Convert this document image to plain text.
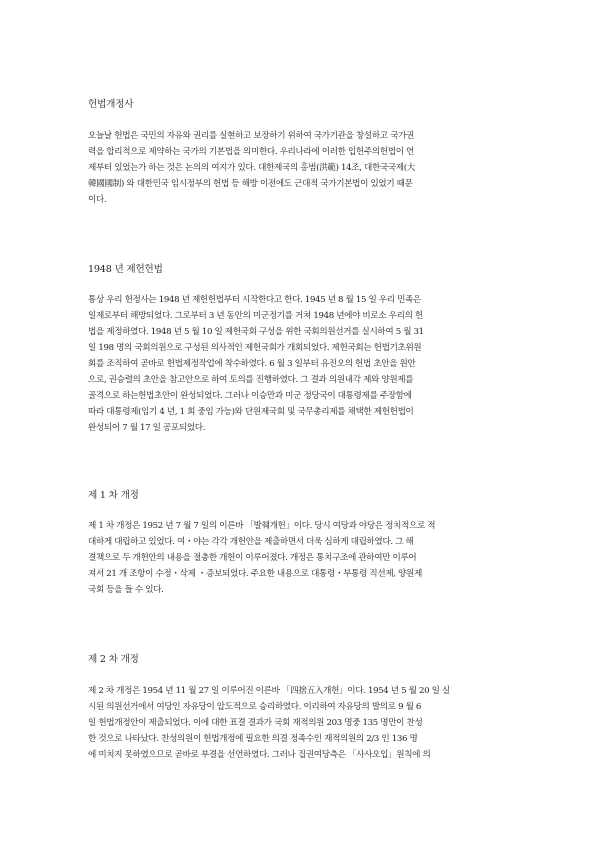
헌법개정사
오늘날 헌법은 국민의 자유와 권리를 실현하고 보장하기 위하여 국가기관을 창설하고 국가권
력을 합리적으로 제약하는 국가의 기본법을 의미한다. 우리나라에 이러한 입헌주의헌법이 언
제부터 있었는가 하는 것은 논의의 여지가 있다. 대한제국의 홍범(洪範) 14조, 대한국국제(大
韓國國制) 와 대한민국 임시정부의 헌법 등 해방 이전에도 근대적 국가기본법이 있었기 때문
이다.
1948 년 제헌헌법
통상 우리 헌정사는 1948 년 제헌헌법부터 시작한다고 한다. 1945 년 8 월 15 일 우리 민족은
일제로부터 해방되었다. 그로부터 3 년 동안의 미군정기를 거쳐 1948 년에야 비로소 우리의 헌
법을 제정하였다. 1948 년 5 월 10 일 제헌국회 구성을 위한 국회의원선거를 실시하여 5 월 31
일 198 명의 국회의원으로 구성된 의사적인 제헌국회가 개회되었다. 제헌국회는 헌법기초위원
회를 조직하여 곧바로 헌법제정작업에 착수하였다. 6 월 3 일부터 유진오의 헌법 초안을 원안
으로, 권승렬의 초안을 참고안으로 하여 토의를 진행하였다. 그 결과 의원내각 제와 양원제를
골격으로 하는헌법초안이 완성되었다. 그러나 이승만과 미군 정당국이 대통령제를 주장함에
따라 대통령제(임기 4 년, 1 회 중임 가능)와 단원제국회 및 국무총리제를 채택한 제헌헌법이
완성되어 7 월 17 일 공포되었다.
제 1 차 개정
제 1 차 개정은 1952 년 7 월 7 일의 이른바 「발췌개헌」이다. 당시 여당과 야당은 정치적으로 적
대하게 대립하고 있었다. 여・야는 각각 개헌안을 제출하면서 더욱 심하게 대립하였다. 그 해
결책으로 두 개헌안의 내용을 절충한 개헌이 이루어졌다. 개정은 통치구조에 관하여만 이루어
져서 21 개 조항이 수정・삭제 ・증보되었다. 주요한 내용으로 대통령・부통령 직선제, 양원제
국회 등을 들 수 있다.
제 2 차 개정
제 2 차 개정은 1954 년 11 월 27 일 이루어진 이른바 「四捨五入개헌」이다. 1954 년 5 월 20 일 실
시된 의원선거에서 여당인 자유당이 압도적으로 승리하였다. 이리하여 자유당의 발의로 9 월 6
일 헌법개정안이 제출되었다. 이에 대한 표결 결과가 국회 재적의원 203 명중 135 명만이 찬성
한 것으로 나타났다. 찬성의원이 헌법개정에 필요한 의결 정족수인 재적의원의 2/3 인 136 명
에 미치지 못하였으므로 곧바로 부결을 선언하였다. 그러나 집권여당측은 「사사오입」원칙에 의
